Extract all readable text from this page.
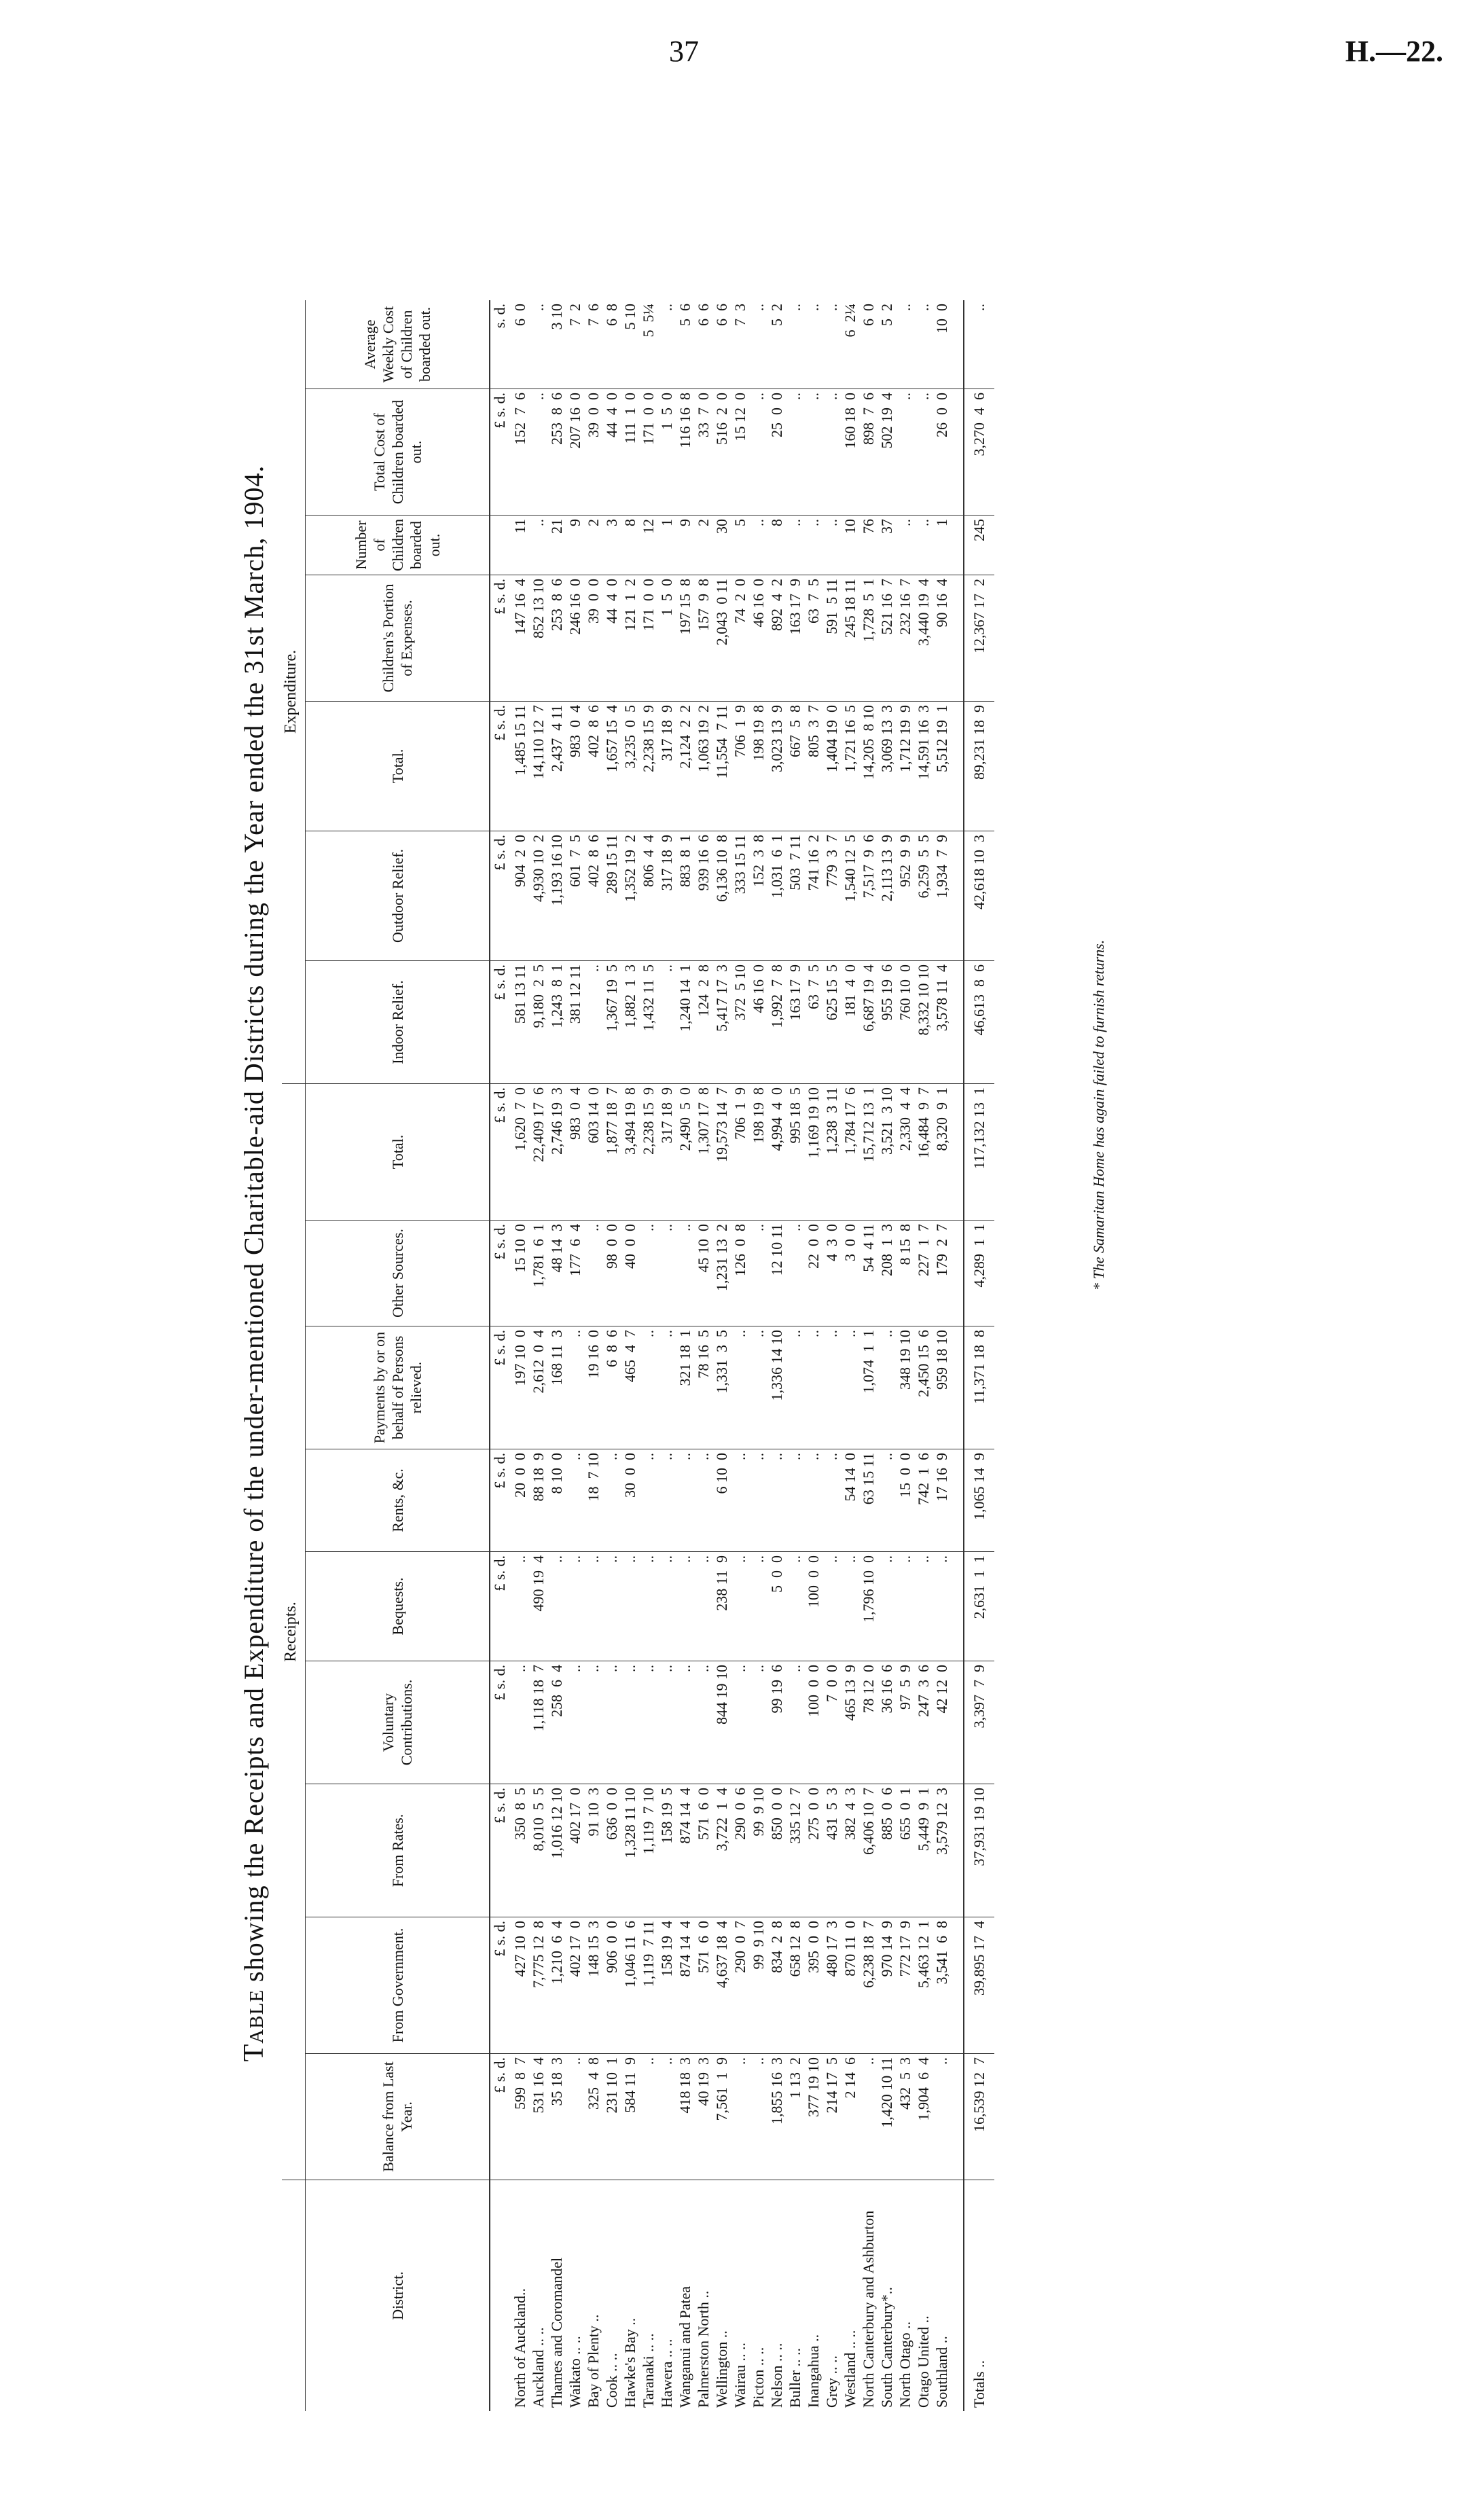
37	H.—22.
Table showing the Receipts and Expenditure of the under-mentioned Charitable-aid Districts during the Year ended the 31st March, 1904.
	Receipts.									Expenditure.						
District.	Balance from Last Year.	From Government.	From Rates.	Voluntary Contributions.	Bequests.	Rents, &c.	Payments by or on behalf of Persons relieved.	Other Sources.	Total.	Indoor Relief.	Outdoor Relief.	Total.	Children's Portion of Expenses.	Number of Children boarded out.	Total Cost of Children boarded out.	Average Weekly Cost of Children boarded out.
	£ s. d.	£ s. d.	£ s. d.	£ s. d.	£ s. d.	£ s. d.	£ s. d.	£ s. d.	£ s. d.	£ s. d.	£ s. d.	£ s. d.	£ s. d.		£ s. d.	s. d.
North of Auckland..	599  8  7	427 10  0	350  8  5	..	..	20  0  0	197 10  0	15 10  0	1,620  7  0	581 13 11	904  2  0	1,485 15 11	147 16  4	11	152  7  6	6  0
Auckland .. ..	531 16  4	7,775 12  8	8,010  5  5	1,118 18  7	490 19  4	88 18  9	2,612  0  4	1,781  6  1	22,409 17  6	9,180  2  5	4,930 10  2	14,110 12  7	852 13 10	..	..	..
Thames and Coromandel	35 18  3	1,210  6  4	1,016 12 10	258  6  4	..	8 10  0	168 11  3	48 14  3	2,746 19  3	1,243  8  1	1,193 16 10	2,437  4 11	253  8  6	21	253  8  6	3 10
Waikato .. ..	..	402 17  0	402 17  0	..	..	..	..	177  6  4	983  0  4	381 12 11	601  7  5	983  0  4	246 16  0	9	207 16  0	7  2
Bay of Plenty ..	325  4  8	148 15  3	91 10  3	..	..	18  7 10	19 16  0	..	603 14  0	..	402  8  6	402  8  6	39  0  0	2	39  0  0	7  6
Cook .. ..	231 10  1	906  0  0	636  0  0	..	..	..	6  8  6	98  0  0	1,877 18  7	1,367 19  5	289 15 11	1,657 15  4	44  4  0	3	44  4  0	6  8
Hawke's Bay ..	584 11  9	1,046 11  6	1,328 11 10	..	..	30  0  0	465  4  7	40  0  0	3,494 19  8	1,882  1  3	1,352 19  2	3,235  0  5	121  1  2	8	111  1  0	5 10
Taranaki .. ..	..	1,119  7 11	1,119  7 10	..	..	..	..	..	2,238 15  9	1,432 11  5	806  4  4	2,238 15  9	171  0  0	12	171  0  0	5  5¼
Hawera .. ..	..	158 19  4	158 19  5	..	..	..	..	..	317 18  9	..	317 18  9	317 18  9	1  5  0	1	1  5  0	..
Wanganui and Patea	418 18  3	874 14  4	874 14  4	..	..	..	321 18  1	..	2,490  5  0	1,240 14  1	883  8  1	2,124  2  2	197 15  8	9	116 16  8	5  6
Palmerston North ..	40 19  3	571  6  0	571  6  0	..	..	..	78 16  5	45 10  0	1,307 17  8	124  2  8	939 16  6	1,063 19  2	157  9  8	2	33  7  0	6  6
Wellington ..	7,561  1  9	4,637 18  4	3,722  1  4	844 19 10	238 11  9	6 10  0	1,331  3  5	1,231 13  2	19,573 14  7	5,417 17  3	6,136 10  8	11,554  7 11	2,043  0 11	30	516  2  0	6  6
Wairau .. ..	..	290  0  7	290  0  6	..	..	..	..	126  0  8	706  1  9	372  5 10	333 15 11	706  1  9	74  2  0	5	15 12  0	7  3
Picton .. ..	..	99  9 10	99  9 10	..	..	..	..	..	198 19  8	46 16  0	152  3  8	198 19  8	46 16  0	..	..	..
Nelson .. ..	1,855 16  3	834  2  8	850  0  0	99 19  6	5  0  0	..	1,336 14 10	12 10 11	4,994  4  0	1,992  7  8	1,031  6  1	3,023 13  9	892  4  2	8	25  0  0	5  2
Buller .. ..	1 13  2	658 12  8	335 12  7	..	..	..	..	..	995 18  5	163 17  9	503  7 11	667  5  8	163 17  9	..	..	..
Inangahua ..	377 19 10	395  0  0	275  0  0	100  0  0	100  0  0	..	..	22  0  0	1,169 19 10	63  7  5	741 16  2	805  3  7	63  7  5	..	..	..
Grey .. ..	214 17  5	480 17  3	431  5  3	7  0  0	..	..	..	4  3  0	1,238  3 11	625 15  5	779  3  7	1,404 19  0	591  5 11	..	..	..
Westland .. ..	2 14  6	870 11  0	382  4  3	465 13  9	..	54 14  0	..	3  0  0	1,784 17  6	181  4  0	1,540 12  5	1,721 16  5	245 18 11	10	160 18  0	6  2¼
North Canterbury and Ashburton	..	6,238 18  7	6,406 10  7	78 12  0	1,796 10  0	63 15 11	1,074  1  1	54  4 11	15,712 13  1	6,687 19  4	7,517  9  6	14,205  8 10	1,728  5  1	76	898  7  6	6  0
South Canterbury*..	1,420 10 11	970 14  9	885  0  6	36 16  6	..	..	..	208  1  3	3,521  3 10	955 19  6	2,113 13  9	3,069 13  3	521 16  7	37	502 19  4	5  2
North Otago ..	432  5  3	772 17  9	655  0  1	97  5  9	..	15  0  0	348 19 10	8 15  8	2,330  4  4	760 10  0	952  9  9	1,712 19  9	232 16  7	..	..	..
Otago United ..	1,904  6  4	5,463 12  1	5,449  9  1	247  3  6	..	742  1  6	2,450 15  6	227  1  7	16,484  9  7	8,332 10 10	6,259  5  5	14,591 16  3	3,440 19  4	..	..	..
Southland ..	..	3,541  6  8	3,579 12  3	42 12  0	..	17 16  9	959 18 10	179  2  7	8,320  9  1	3,578 11  4	1,934  7  9	5,512 19  1	90 16  4	1	26  0  0	10  0

Totals ..	16,539 12  7	39,895 17  4	37,931 19 10	3,397  7  9	2,631  1  1	1,065 14  9	11,371 18  8	4,289  1  1	117,132 13  1	46,613  8  6	42,618 10  3	89,231 18  9	12,367 17  2	245	3,270  4  6	..
* The Samaritan Home has again failed to furnish returns.
